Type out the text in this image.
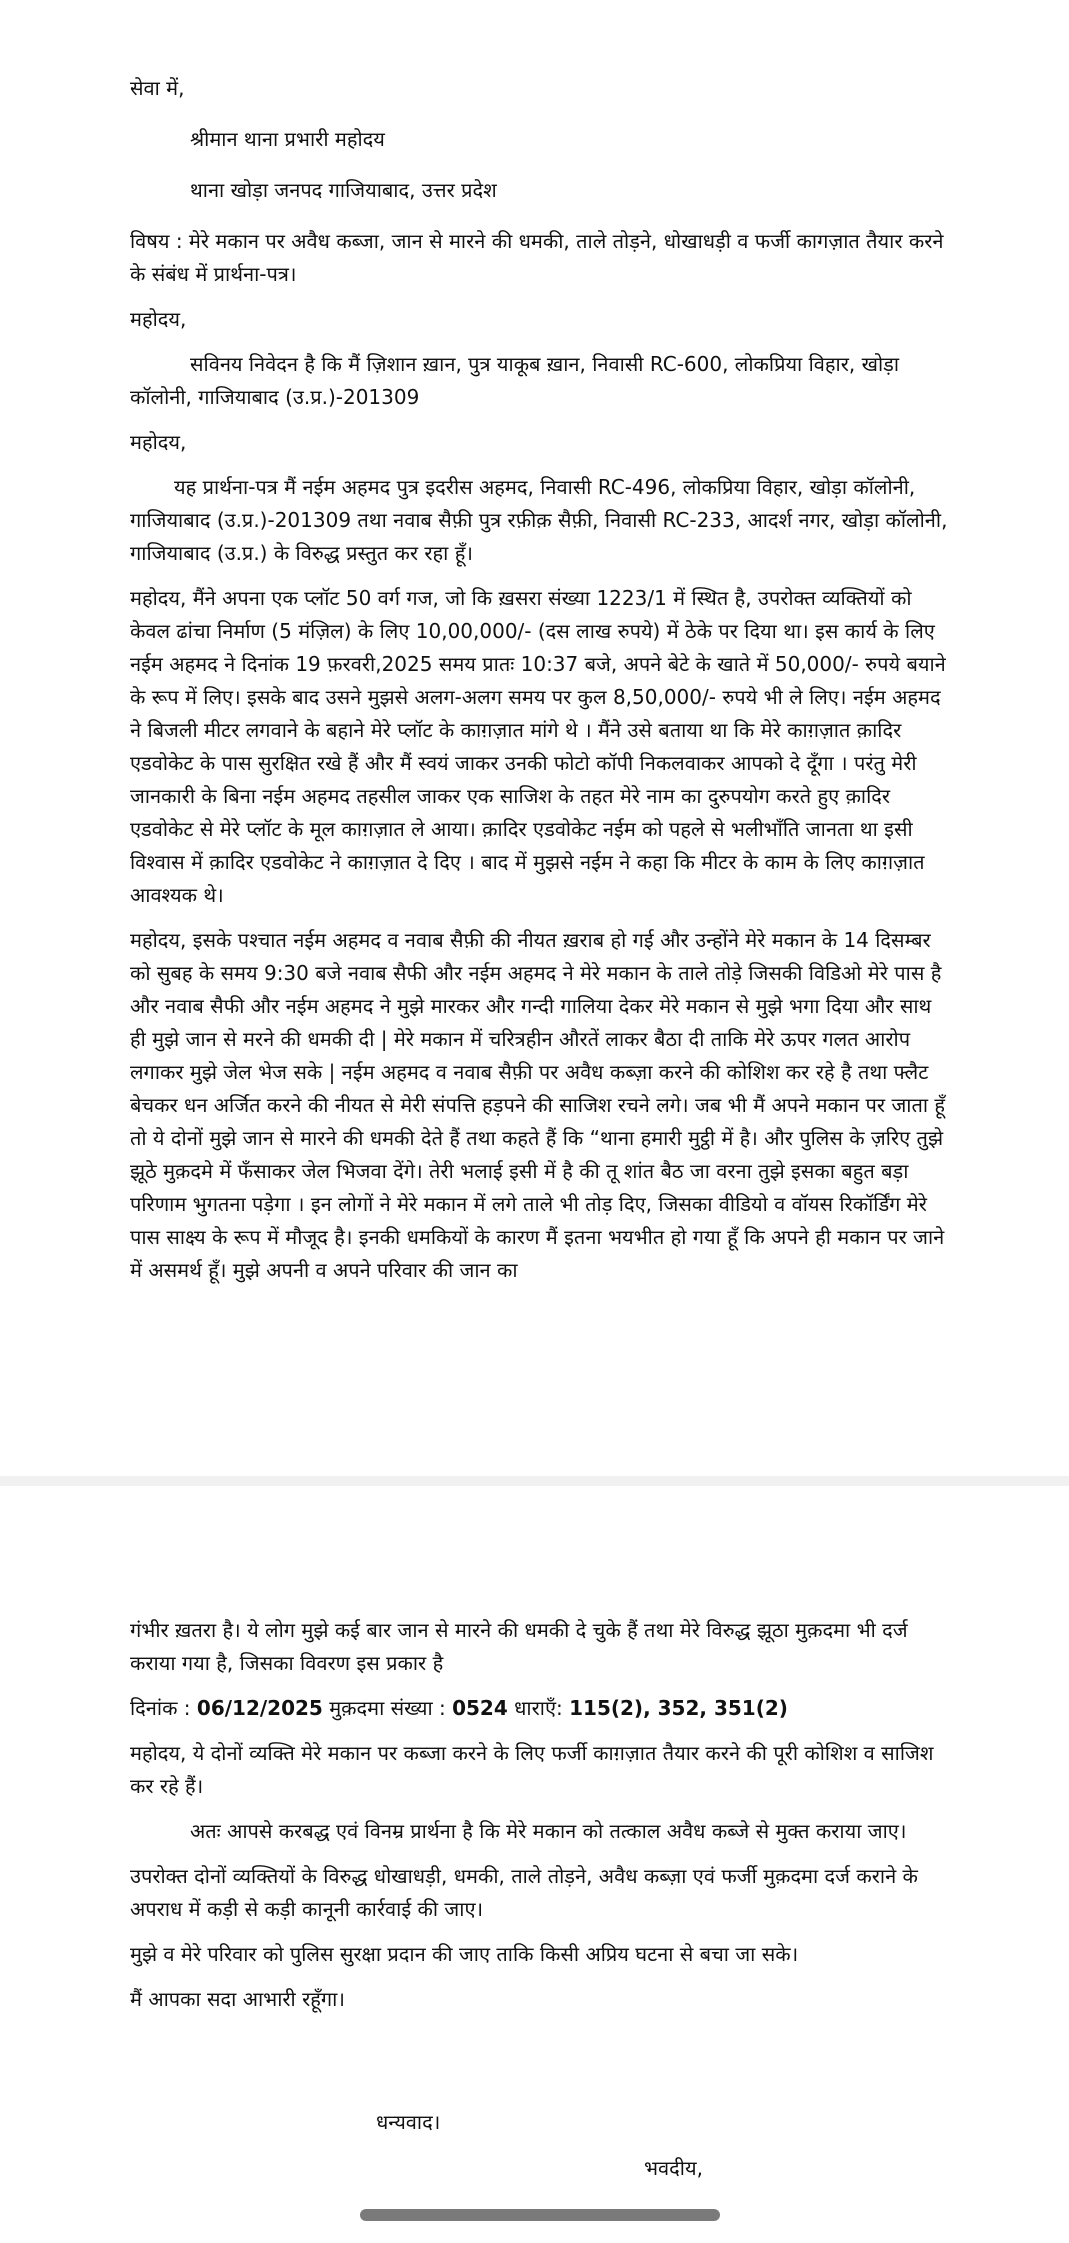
सेवा में,

श्रीमान थाना प्रभारी महोदय

थाना खोड़ा जनपद गाजियाबाद, उत्तर प्रदेश

विषय : मेरे मकान पर अवैध कब्जा, जान से मारने की धमकी, ताले तोड़ने, धोखाधड़ी व फर्जी कागज़ात तैयार करने के संबंध में प्रार्थना-पत्र।

महोदय,

सविनय निवेदन है कि मैं ज़िशान ख़ान, पुत्र याकूब ख़ान, निवासी RC-600, लोकप्रिया विहार, खोड़ा कॉलोनी, गाजियाबाद (उ.प्र.)-201309

महोदय,

यह प्रार्थना-पत्र मैं नईम अहमद पुत्र इदरीस अहमद, निवासी RC-496, लोकप्रिया विहार, खोड़ा कॉलोनी, गाजियाबाद (उ.प्र.)-201309 तथा नवाब सैफ़ी पुत्र रफ़ीक़ सैफ़ी, निवासी RC-233, आदर्श नगर, खोड़ा कॉलोनी, गाजियाबाद (उ.प्र.) के विरुद्ध प्रस्तुत कर रहा हूँ।

महोदय, मैंने अपना एक प्लॉट 50 वर्ग गज, जो कि ख़सरा संख्या 1223/1 में स्थित है, उपरोक्त व्यक्तियों को केवल ढांचा निर्माण (5 मंज़िल) के लिए 10,00,000/- (दस लाख रुपये) में ठेके पर दिया था। इस कार्य के लिए नईम अहमद ने दिनांक 19 फ़रवरी,2025 समय प्रातः 10:37 बजे, अपने बेटे के खाते में 50,000/- रुपये बयाने के रूप में लिए। इसके बाद उसने मुझसे अलग-अलग समय पर कुल 8,50,000/- रुपये भी ले लिए। नईम अहमद ने बिजली मीटर लगवाने के बहाने मेरे प्लॉट के काग़ज़ात मांगे थे । मैंने उसे बताया था कि मेरे काग़ज़ात क़ादिर एडवोकेट के पास सुरक्षित रखे हैं और मैं स्वयं जाकर उनकी फोटो कॉपी निकलवाकर आपको दे दूँगा । परंतु मेरी जानकारी के बिना नईम अहमद तहसील जाकर एक साजिश के तहत मेरे नाम का दुरुपयोग करते हुए क़ादिर एडवोकेट से मेरे प्लॉट के मूल काग़ज़ात ले आया। क़ादिर एडवोकेट नईम को पहले से भलीभाँति जानता था इसी विश्वास में क़ादिर एडवोकेट ने काग़ज़ात दे दिए । बाद में मुझसे नईम ने कहा कि मीटर के काम के लिए काग़ज़ात आवश्यक थे।

महोदय, इसके पश्चात नईम अहमद व नवाब सैफ़ी की नीयत ख़राब हो गई और उन्होंने मेरे मकान के 14 दिसम्बर को सुबह के समय 9:30 बजे नवाब सैफी और नईम अहमद ने मेरे मकान के ताले तोड़े जिसकी विडिओ मेरे पास है और नवाब सैफी और नईम अहमद ने मुझे मारकर और गन्दी गालिया देकर मेरे मकान से मुझे भगा दिया और साथ ही मुझे जान से मरने की धमकी दी | मेरे मकान में चरित्रहीन औरतें लाकर बैठा दी ताकि मेरे ऊपर गलत आरोप लगाकर मुझे जेल भेज सके | नईम अहमद व नवाब सैफ़ी पर अवैध कब्ज़ा करने की कोशिश कर रहे है तथा फ्लैट बेचकर धन अर्जित करने की नीयत से मेरी संपत्ति हड़पने की साजिश रचने लगे। जब भी मैं अपने मकान पर जाता हूँ तो ये दोनों मुझे जान से मारने की धमकी देते हैं तथा कहते हैं कि “थाना हमारी मुट्ठी में है। और पुलिस के ज़रिए तुझे झूठे मुक़दमे में फँसाकर जेल भिजवा देंगे। तेरी भलाई इसी में है की तू शांत बैठ जा वरना तुझे इसका बहुत बड़ा परिणाम भुगतना पड़ेगा । इन लोगों ने मेरे मकान में लगे ताले भी तोड़ दिए, जिसका वीडियो व वॉयस रिकॉर्डिंग मेरे पास साक्ष्य के रूप में मौजूद है। इनकी धमकियों के कारण मैं इतना भयभीत हो गया हूँ कि अपने ही मकान पर जाने में असमर्थ हूँ। मुझे अपनी व अपने परिवार की जान का

गंभीर ख़तरा है। ये लोग मुझे कई बार जान से मारने की धमकी दे चुके हैं तथा मेरे विरुद्ध झूठा मुक़दमा भी दर्ज कराया गया है, जिसका विवरण इस प्रकार है

दिनांक : 06/12/2025 मुक़दमा संख्या : 0524 धाराएँ: 115(2), 352, 351(2)

महोदय, ये दोनों व्यक्ति मेरे मकान पर कब्जा करने के लिए फर्जी काग़ज़ात तैयार करने की पूरी कोशिश व साजिश कर रहे हैं।

अतः आपसे करबद्ध एवं विनम्र प्रार्थना है कि मेरे मकान को तत्काल अवैध कब्जे से मुक्त कराया जाए।

उपरोक्त दोनों व्यक्तियों के विरुद्ध धोखाधड़ी, धमकी, ताले तोड़ने, अवैध कब्ज़ा एवं फर्जी मुक़दमा दर्ज कराने के अपराध में कड़ी से कड़ी कानूनी कार्रवाई की जाए।

मुझे व मेरे परिवार को पुलिस सुरक्षा प्रदान की जाए ताकि किसी अप्रिय घटना से बचा जा सके।

मैं आपका सदा आभारी रहूँगा।

धन्यवाद।
भवदीय,
